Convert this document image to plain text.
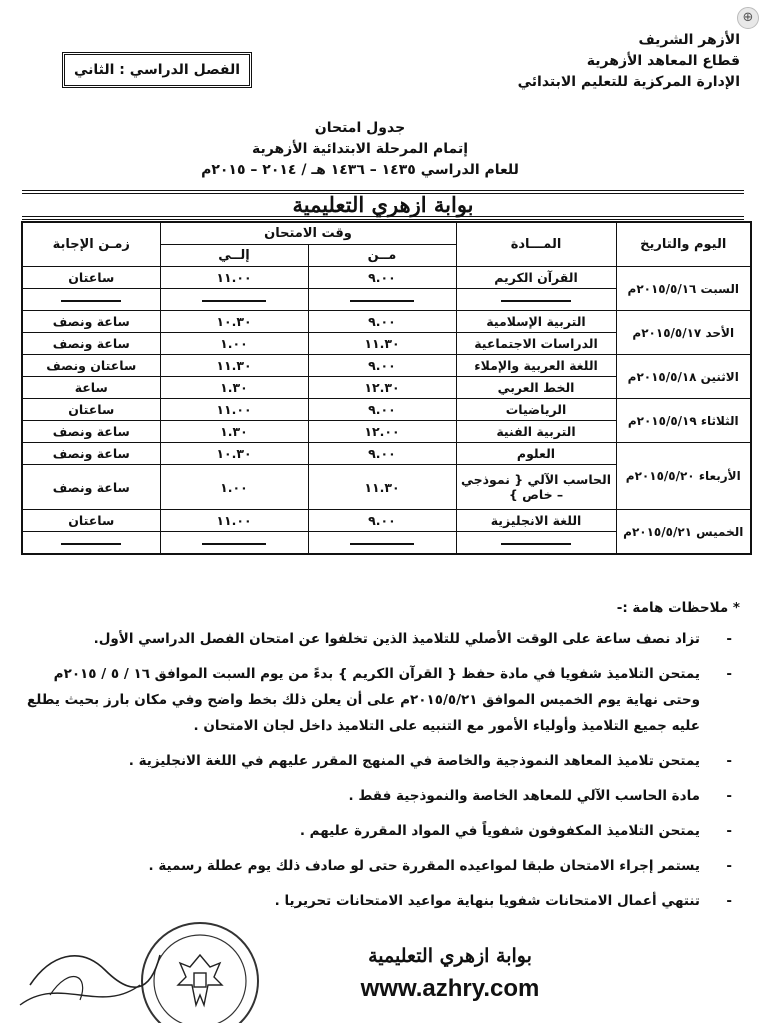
⊕
الأزهر الشريف
قطاع المعاهد الأزهرية
الإدارة المركزية للتعليم الابتدائي
الفصل الدراسي : الثاني
جدول امتحان
إتمام المرحلة الابتدائية الأزهرية
للعام الدراسي ١٤٣٥ – ١٤٣٦ هـ / ٢٠١٤ – ٢٠١٥م
بوابة ازهري التعليمية
اليوم والتاريخ	المـــادة	وقت الامتحان		زمـن الإجابة
		مــن	إلــي	
السبت ٢٠١٥/٥/١٦م	القرآن الكريم	٩.٠٠	١١.٠٠	ساعتان

الأحد ٢٠١٥/٥/١٧م	التربية الإسلامية	٩.٠٠	١٠.٣٠	ساعة ونصف
	الدراسات الاجتماعية	١١.٣٠	١.٠٠	ساعة ونصف
الاثنين ٢٠١٥/٥/١٨م	اللغة العربية والإملاء	٩.٠٠	١١.٣٠	ساعتان ونصف
	الخط العربي	١٢.٣٠	١.٣٠	ساعة
الثلاثاء ٢٠١٥/٥/١٩م	الرياضيات	٩.٠٠	١١.٠٠	ساعتان
	التربية الفنية	١٢.٠٠	١.٣٠	ساعة ونصف
الأربعاء ٢٠١٥/٥/٢٠م	العلوم	٩.٠٠	١٠.٣٠	ساعة ونصف
	الحاسب الآلي { نموذجي – خاص }	١١.٣٠	١.٠٠	ساعة ونصف
الخميس ٢٠١٥/٥/٢١م	اللغة الانجليزية	٩.٠٠	١١.٠٠	ساعتان

* ملاحظات هامة :-
-
تزاد نصف ساعة على الوقت الأصلي للتلاميذ الذين تخلفوا عن امتحان الفصل الدراسي الأول.
-
يمتحن التلاميذ شفويا في مادة حفظ { القرآن الكريم } بدءً من يوم السبت الموافق ١٦ / ٥ / ٢٠١٥م وحتى نهاية يوم الخميس الموافق ٢٠١٥/٥/٢١م على أن يعلن ذلك بخط واضح وفي مكان بارز بحيث يطلع عليه جميع التلاميذ وأولياء الأمور مع التنبيه على التلاميذ داخل لجان الامتحان .
-
يمتحن تلاميذ المعاهد النموذجية والخاصة في المنهج المقرر عليهم في اللغة الانجليزية .
-
مادة الحاسب الآلي للمعاهد الخاصة والنموذجية فقط .
-
يمتحن التلاميذ المكفوفون شفوياً في المواد المقررة عليهم .
-
يستمر إجراء الامتحان طبقا لمواعيده المقررة حتى لو صادف ذلك يوم عطلة رسمية .
-
تنتهي أعمال الامتحانات شفويا بنهاية مواعيد الامتحانات تحريريا .
بوابة ازهري التعليمية
www.azhry.com
